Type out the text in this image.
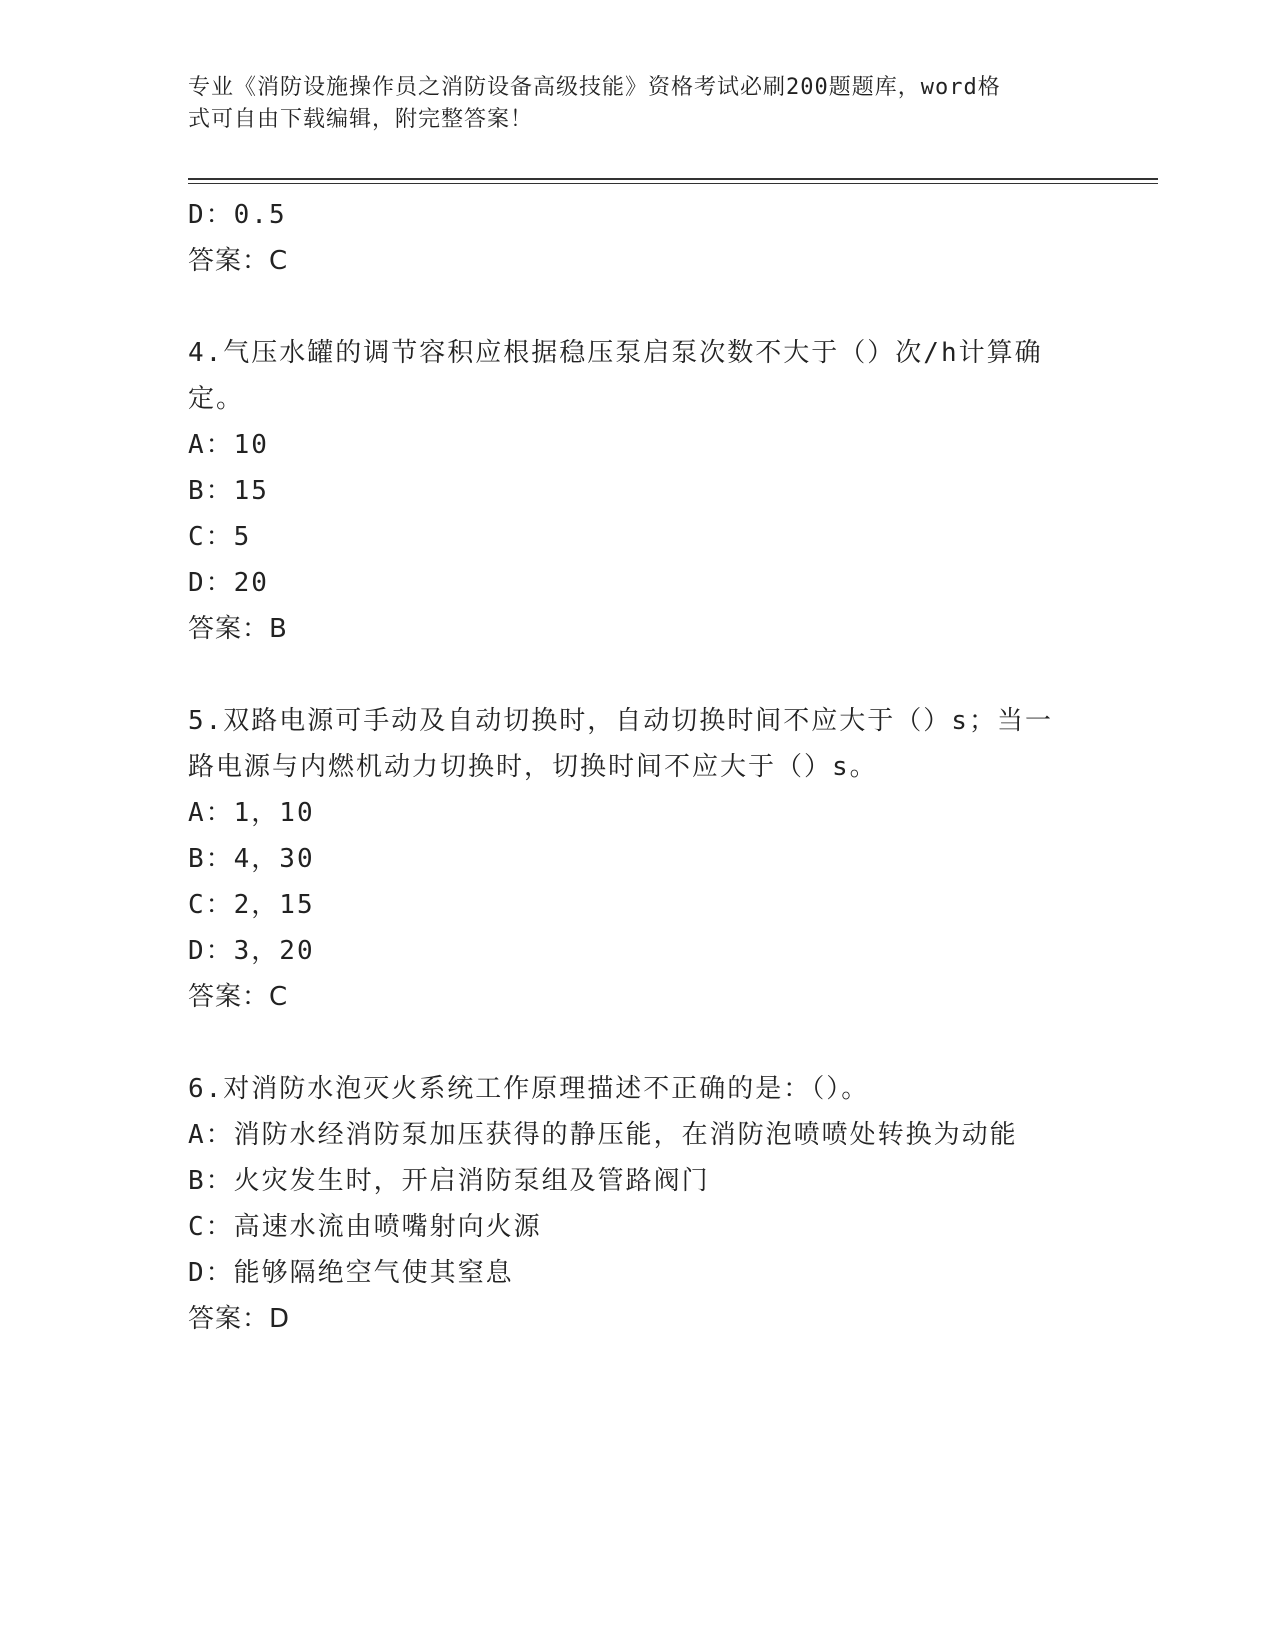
专业《消防设施操作员之消防设备高级技能》资格考试必刷200题题库，word格
式可自由下载编辑，附完整答案！
D：0.5
答案：C
4.气压水罐的调节容积应根据稳压泵启泵次数不大于（）次/h计算确
定。
A：10
B：15
C：5
D：20
答案：B
5.双路电源可手动及自动切换时，自动切换时间不应大于（）s；当一
路电源与内燃机动力切换时，切换时间不应大于（）s。
A：1，10
B：4，30
C：2，15
D：3，20
答案：C
6.对消防水泡灭火系统工作原理描述不正确的是：（）。
A：消防水经消防泵加压获得的静压能，在消防泡喷喷处转换为动能
B：火灾发生时，开启消防泵组及管路阀门
C：高速水流由喷嘴射向火源
D：能够隔绝空气使其窒息
答案：D
